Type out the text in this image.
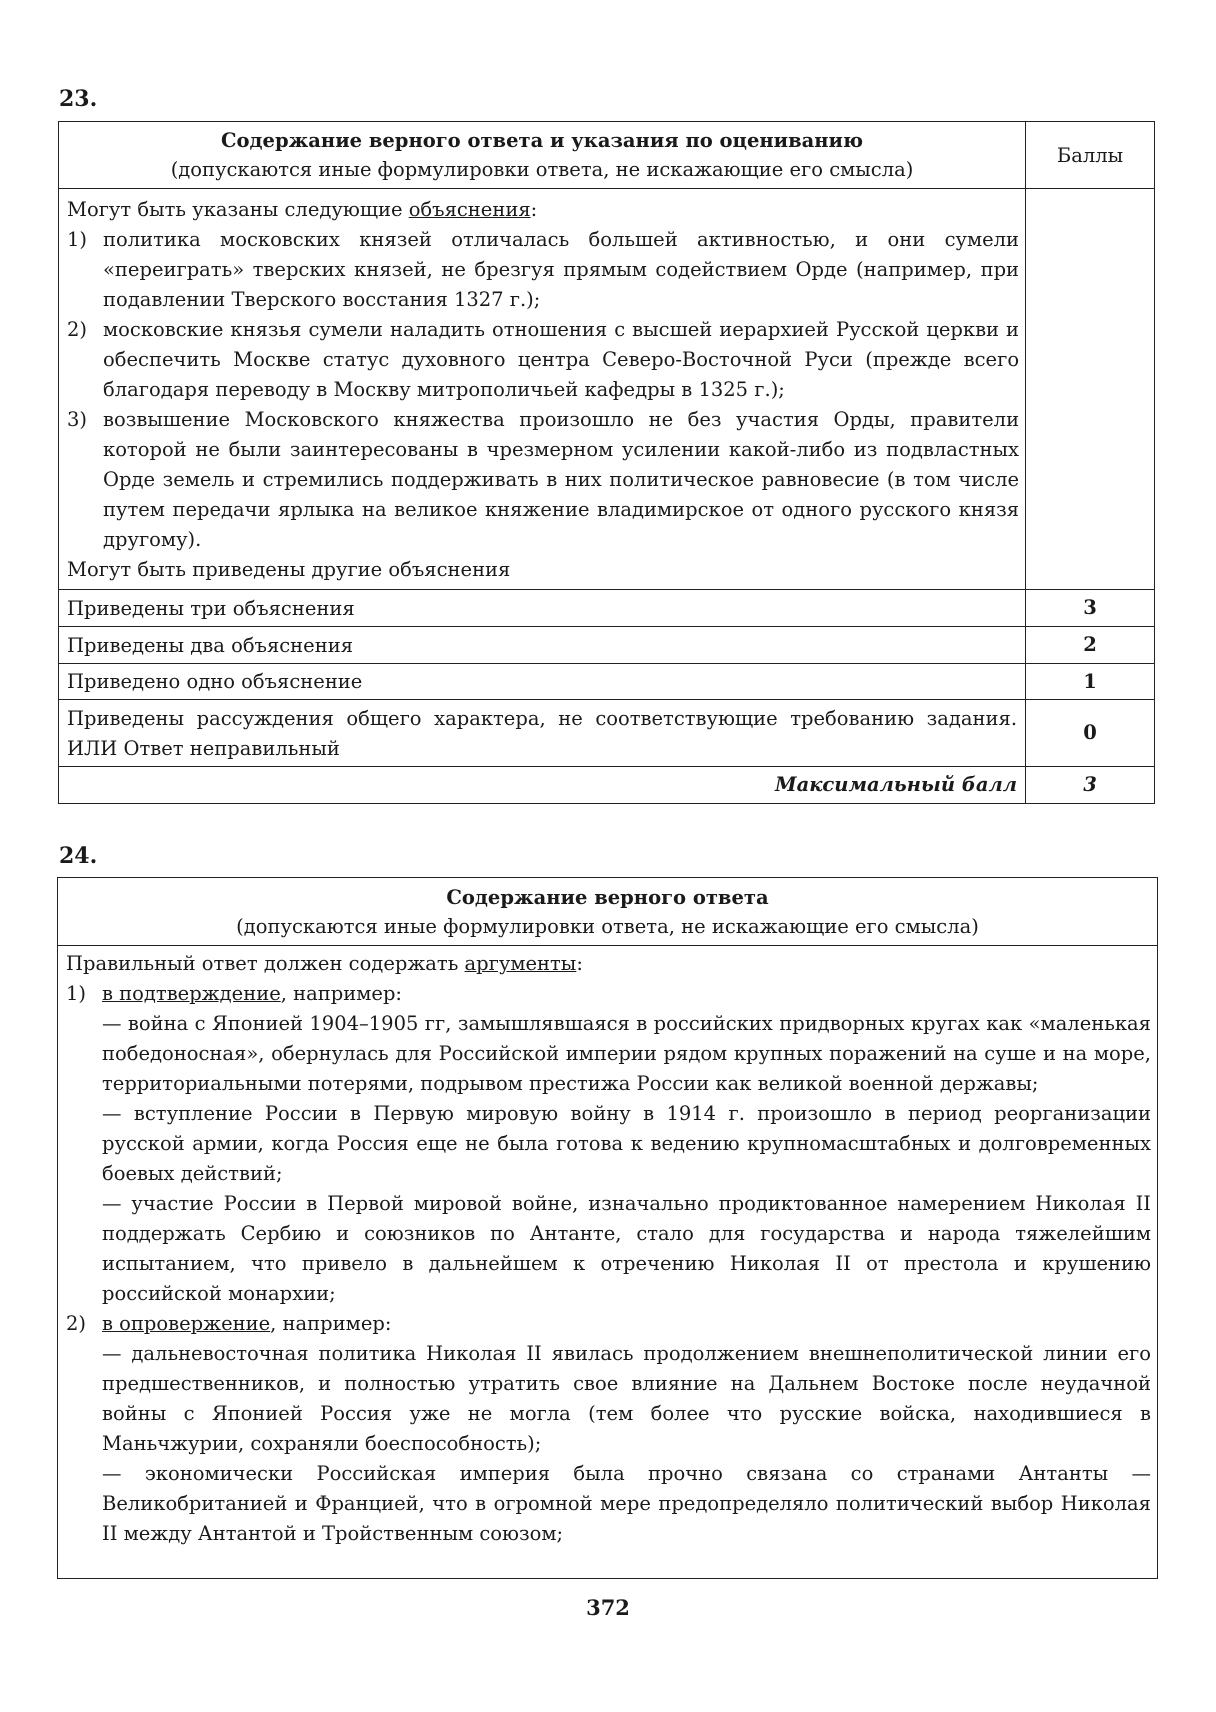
23.
Содержание верного ответа и указания по оцениванию
(допускаются иные формулировки ответа, не искажающие его смысла)	Баллы

Могут быть указаны следующие объяснения:
1) политика московских князей отличалась большей активностью, и они сумели «переиграть» тверских князей, не брезгуя прямым содействием Орде (например, при подавлении Тверского восстания 1327 г.);
2) московские князья сумели наладить отношения с высшей иерархией Русской церкви и обеспечить Москве статус духовного центра Северо-Восточной Руси (прежде всего благодаря переводу в Москву митрополичьей кафедры в 1325 г.);
3) возвышение Московского княжества произошло не без участия Орды, правители которой не были заинтересованы в чрезмерном усилении какой-либо из подвластных Орде земель и стремились поддерживать в них политическое равновесие (в том числе путем передачи ярлыка на великое княжение владимирское от одного русского князя другому).
Могут быть приведены другие объяснения

Приведены три объяснения	3
Приведены два объяснения	2
Приведено одно объяснение	1
Приведены рассуждения общего характера, не соответствующие требованию задания. ИЛИ Ответ неправильный	0
Максимальный балл	3
24.
Содержание верного ответа
(допускаются иные формулировки ответа, не искажающие его смысла)

Правильный ответ должен содержать аргументы:
1) в подтверждение, например:
— война с Японией 1904–1905 гг, замышлявшаяся в российских придворных кругах как «маленькая победоносная», обернулась для Российской империи рядом крупных поражений на суше и на море, территориальными потерями, подрывом престижа России как великой военной державы;
— вступление России в Первую мировую войну в 1914 г. произошло в период реорганизации русской армии, когда Россия еще не была готова к ведению крупномасштабных и долговременных боевых действий;
— участие России в Первой мировой войне, изначально продиктованное намерением Николая II поддержать Сербию и союзников по Антанте, стало для государства и народа тяжелейшим испытанием, что привело в дальнейшем к отречению Николая II от престола и крушению российской монархии;
2) в опровержение, например:
— дальневосточная политика Николая II явилась продолжением внешнеполитической линии его предшественников, и полностью утратить свое влияние на Дальнем Востоке после неудачной войны с Японией Россия уже не могла (тем более что русские войска, находившиеся в Маньчжурии, сохраняли боеспособность);
— экономически Российская империя была прочно связана со странами Антанты — Великобританией и Францией, что в огромной мере предопределяло политический выбор Николая II между Антантой и Тройственным союзом;
372
